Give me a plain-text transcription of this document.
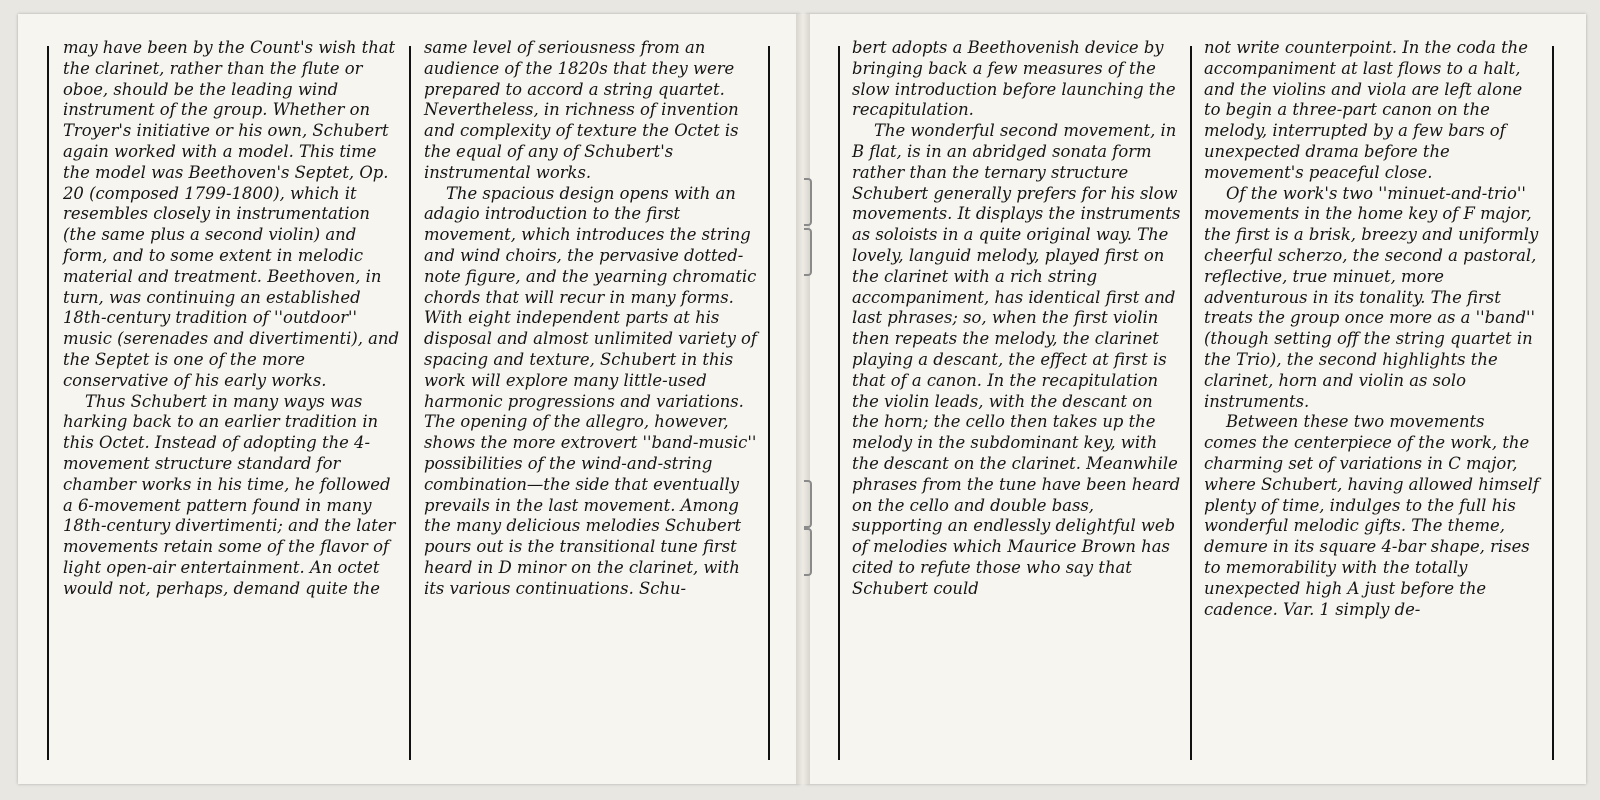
may have been by the Count's wish that the clarinet, rather than the flute or oboe, should be the leading wind instrument of the group. Whether on Troyer's initiative or his own, Schubert again worked with a model. This time the model was Beethoven's Septet, Op. 20 (composed 1799-1800), which it resembles closely in instrumentation (the same plus a second violin) and form, and to some extent in melodic material and treatment. Beethoven, in turn, was continuing an established 18th-century tradition of ''outdoor'' music (serenades and divertimenti), and the Septet is one of the more conservative of his early works.

Thus Schubert in many ways was harking back to an earlier tradition in this Octet. Instead of adopting the 4-movement structure standard for chamber works in his time, he followed a 6-movement pattern found in many 18th-century divertimenti; and the later movements retain some of the flavor of light open-air entertainment. An octet would not, perhaps, demand quite the

same level of seriousness from an audience of the 1820s that they were prepared to accord a string quartet. Nevertheless, in richness of invention and complexity of texture the Octet is the equal of any of Schubert's instrumental works.

The spacious design opens with an adagio introduction to the first movement, which introduces the string and wind choirs, the pervasive dotted-note figure, and the yearning chromatic chords that will recur in many forms. With eight independent parts at his disposal and almost unlimited variety of spacing and texture, Schubert in this work will explore many little-used harmonic progressions and variations. The opening of the allegro, however, shows the more extrovert ''band-music'' possibilities of the wind-and-string combination—the side that eventually prevails in the last movement. Among the many delicious melodies Schubert pours out is the transitional tune first heard in D minor on the clarinet, with its various continuations. Schu-

bert adopts a Beethovenish device by bringing back a few measures of the slow introduction before launching the recapitulation.

The wonderful second movement, in B flat, is in an abridged sonata form rather than the ternary structure Schubert generally prefers for his slow movements. It displays the instruments as soloists in a quite original way. The lovely, languid melody, played first on the clarinet with a rich string accompaniment, has identical first and last phrases; so, when the first violin then repeats the melody, the clarinet playing a descant, the effect at first is that of a canon. In the recapitulation the violin leads, with the descant on the horn; the cello then takes up the melody in the subdominant key, with the descant on the clarinet. Meanwhile phrases from the tune have been heard on the cello and double bass, supporting an endlessly delightful web of melodies which Maurice Brown has cited to refute those who say that Schubert could

not write counterpoint. In the coda the accompaniment at last flows to a halt, and the violins and viola are left alone to begin a three-part canon on the melody, interrupted by a few bars of unexpected drama before the movement's peaceful close.

Of the work's two ''minuet-and-trio'' movements in the home key of F major, the first is a brisk, breezy and uniformly cheerful scherzo, the second a pastoral, reflective, true minuet, more adventurous in its tonality. The first treats the group once more as a ''band'' (though setting off the string quartet in the Trio), the second highlights the clarinet, horn and violin as solo instruments.

Between these two movements comes the centerpiece of the work, the charming set of variations in C major, where Schubert, having allowed himself plenty of time, indulges to the full his wonderful melodic gifts. The theme, demure in its square 4-bar shape, rises to memorability with the totally unexpected high A just before the cadence. Var. 1 simply de-
